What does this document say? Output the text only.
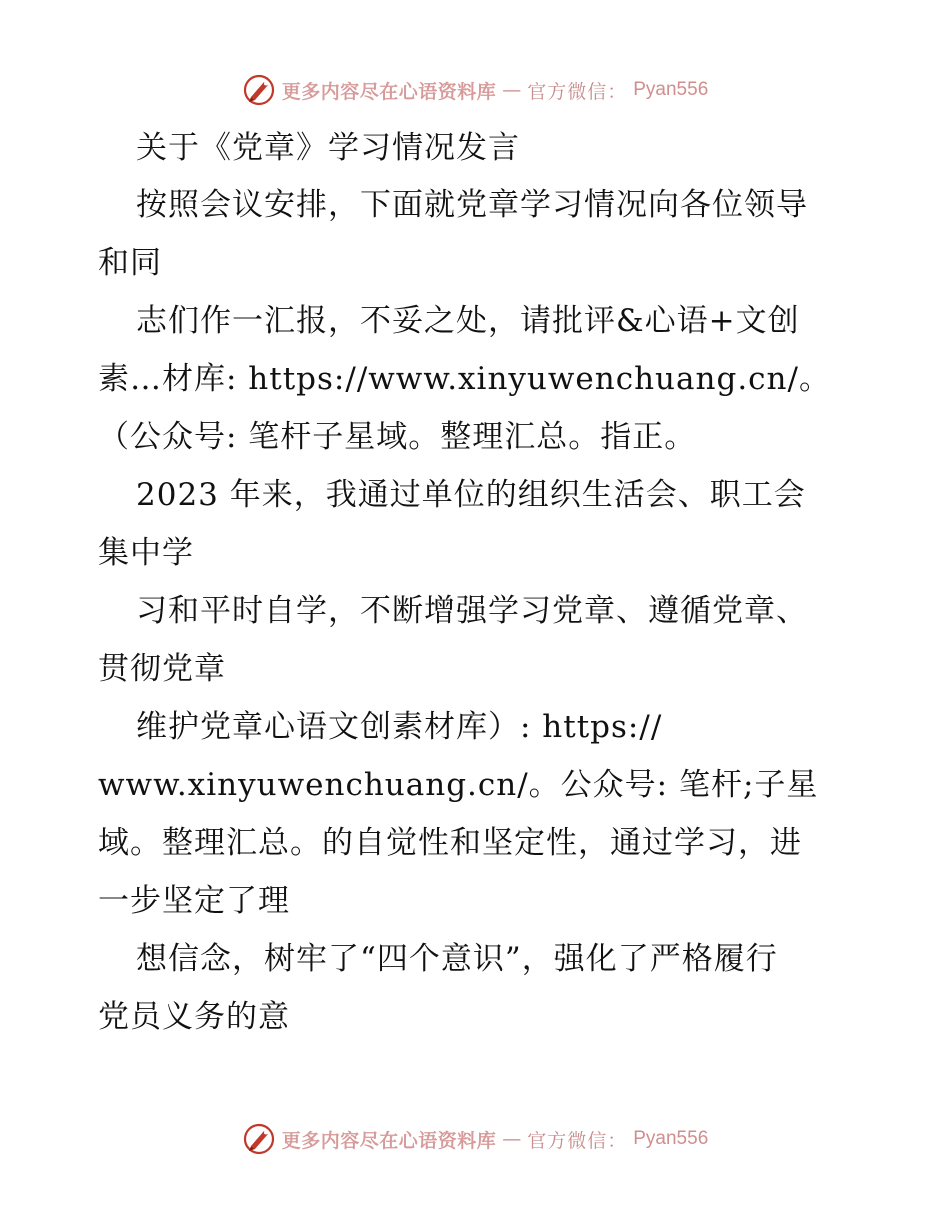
更多内容尽在心语资料库 — 官方微信： Pyan556
关于《党章》学习情况发言
按照会议安排，下面就党章学习情况向各位领导
和同
志们作一汇报，不妥之处，请批评&心语+文创
素…材库: https://www.xinyuwenchuang.cn/。
（公众号: 笔杆子星域。整理汇总。指正。
2023 年来，我通过单位的组织生活会、职工会
集中学
习和平时自学，不断增强学习党章、遵循党章、
贯彻党章
维护党章心语文创素材库）: https://
www.xinyuwenchuang.cn/。公众号: 笔杆;子星
域。整理汇总。的自觉性和坚定性，通过学习，进
一步坚定了理
想信念，树牢了“四个意识”，强化了严格履行
党员义务的意
更多内容尽在心语资料库 — 官方微信： Pyan556
